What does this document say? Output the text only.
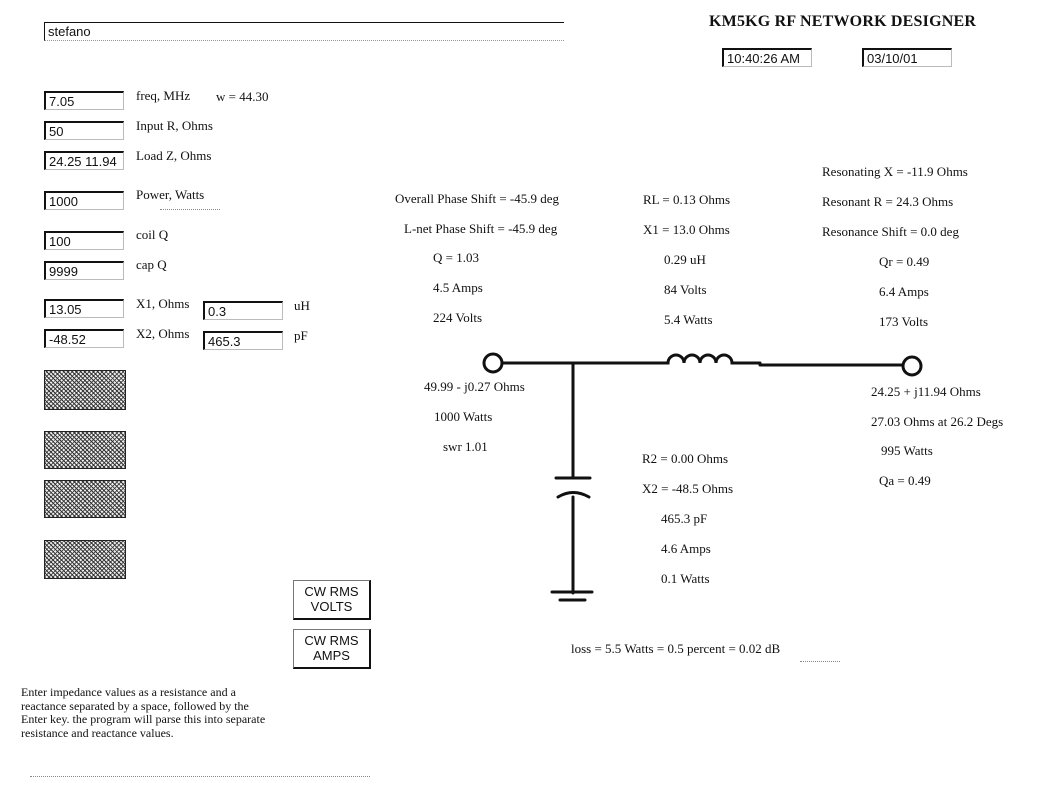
KM5KG RF NETWORK DESIGNER
stefano
10:40:26 AM	03/10/01
7.05	freq, MHz w = 44.30
50	Input R, Ohms
24.25 11.94	Load Z, Ohms
1000	Power, Watts
100	coil Q
9999	cap Q
13.05	X1, Ohms
0.3	uH
-48.52	X2, Ohms
465.3	pF
CW RMS
VOLTS
CW RMS
AMPS
Enter impedance values as a resistance and a reactance separated by a space, followed by the Enter key. the program will parse this into separate resistance and reactance values.
Overall Phase Shift = -45.9 deg
L-net Phase Shift = -45.9 deg
Q = 1.03
4.5 Amps
224 Volts
RL = 0.13 Ohms
X1 = 13.0 Ohms
0.29 uH
84 Volts
5.4 Watts
Resonating X = -11.9 Ohms
Resonant R = 24.3 Ohms
Resonance Shift = 0.0 deg
Qr = 0.49
6.4 Amps
173 Volts
49.99 - j0.27 Ohms
1000 Watts
swr 1.01
24.25 + j11.94 Ohms
27.03 Ohms at 26.2 Degs
995 Watts
Qa = 0.49
R2 = 0.00 Ohms
X2 = -48.5 Ohms
465.3 pF
4.6 Amps
0.1 Watts
loss = 5.5 Watts = 0.5 percent = 0.02 dB
